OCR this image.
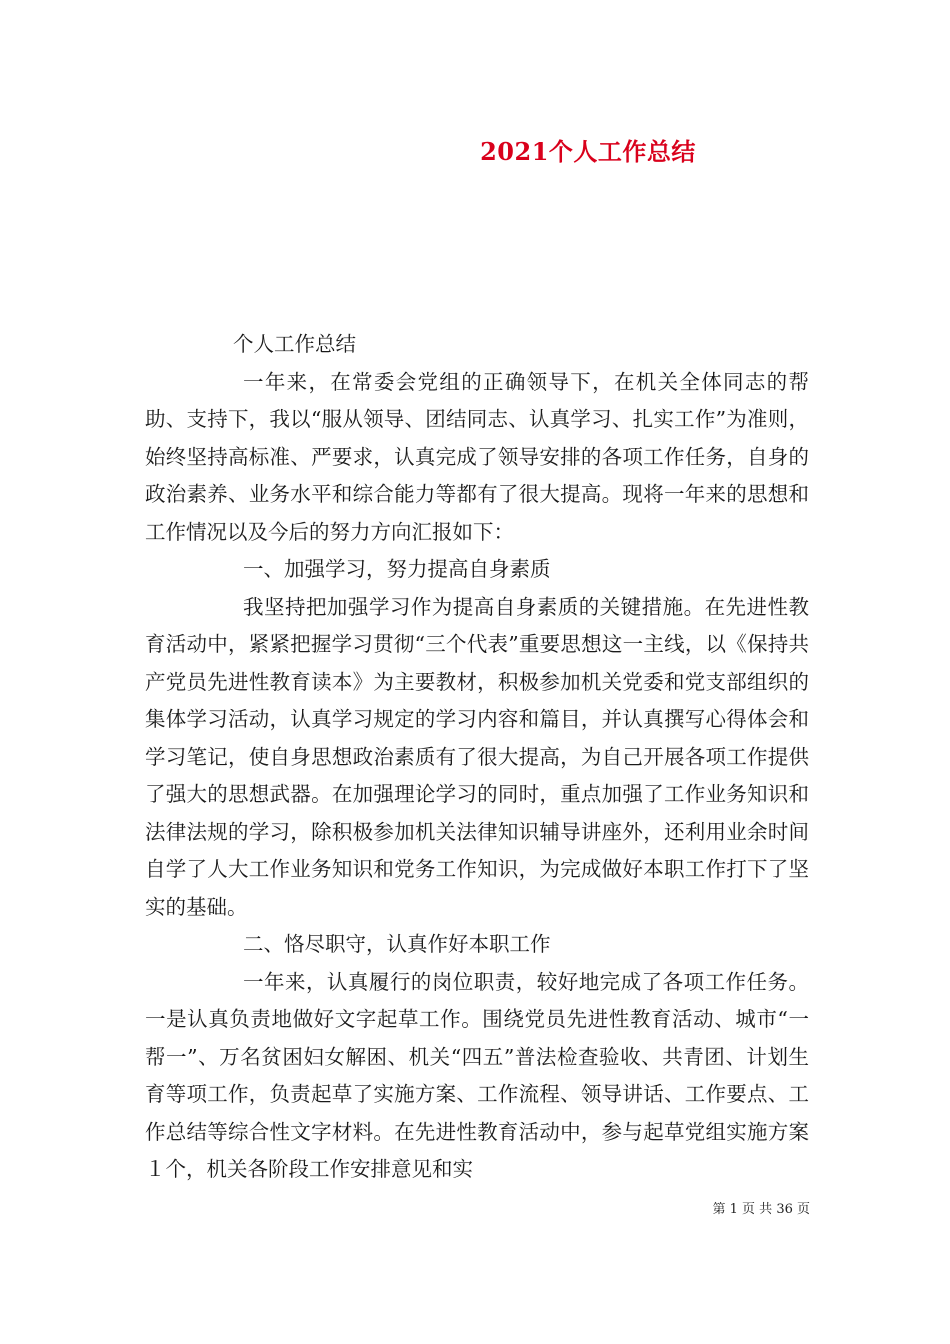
2021个人工作总结

个人工作总结

一年来，在常委会党组的正确领导下，在机关全体同志的帮助、支持下，我以“服从领导、团结同志、认真学习、扎实工作”为准则，始终坚持高标准、严要求，认真完成了领导安排的各项工作任务，自身的政治素养、业务水平和综合能力等都有了很大提高。现将一年来的思想和工作情况以及今后的努力方向汇报如下：

一、加强学习，努力提高自身素质

我坚持把加强学习作为提高自身素质的关键措施。在先进性教育活动中，紧紧把握学习贯彻“三个代表”重要思想这一主线，以《保持共产党员先进性教育读本》为主要教材，积极参加机关党委和党支部组织的集体学习活动，认真学习规定的学习内容和篇目，并认真撰写心得体会和学习笔记，使自身思想政治素质有了很大提高，为自己开展各项工作提供了强大的思想武器。在加强理论学习的同时，重点加强了工作业务知识和法律法规的学习，除积极参加机关法律知识辅导讲座外，还利用业余时间自学了人大工作业务知识和党务工作知识，为完成做好本职工作打下了坚实的基础。

二、恪尽职守，认真作好本职工作

一年来，认真履行的岗位职责，较好地完成了各项工作任务。一是认真负责地做好文字起草工作。围绕党员先进性教育活动、城市“一帮一”、万名贫困妇女解困、机关“四五”普法检查验收、共青团、计划生育等项工作，负责起草了实施方案、工作流程、领导讲话、工作要点、工作总结等综合性文字材料。在先进性教育活动中，参与起草党组实施方案１个，机关各阶段工作安排意见和实

第 1 页 共 36 页
